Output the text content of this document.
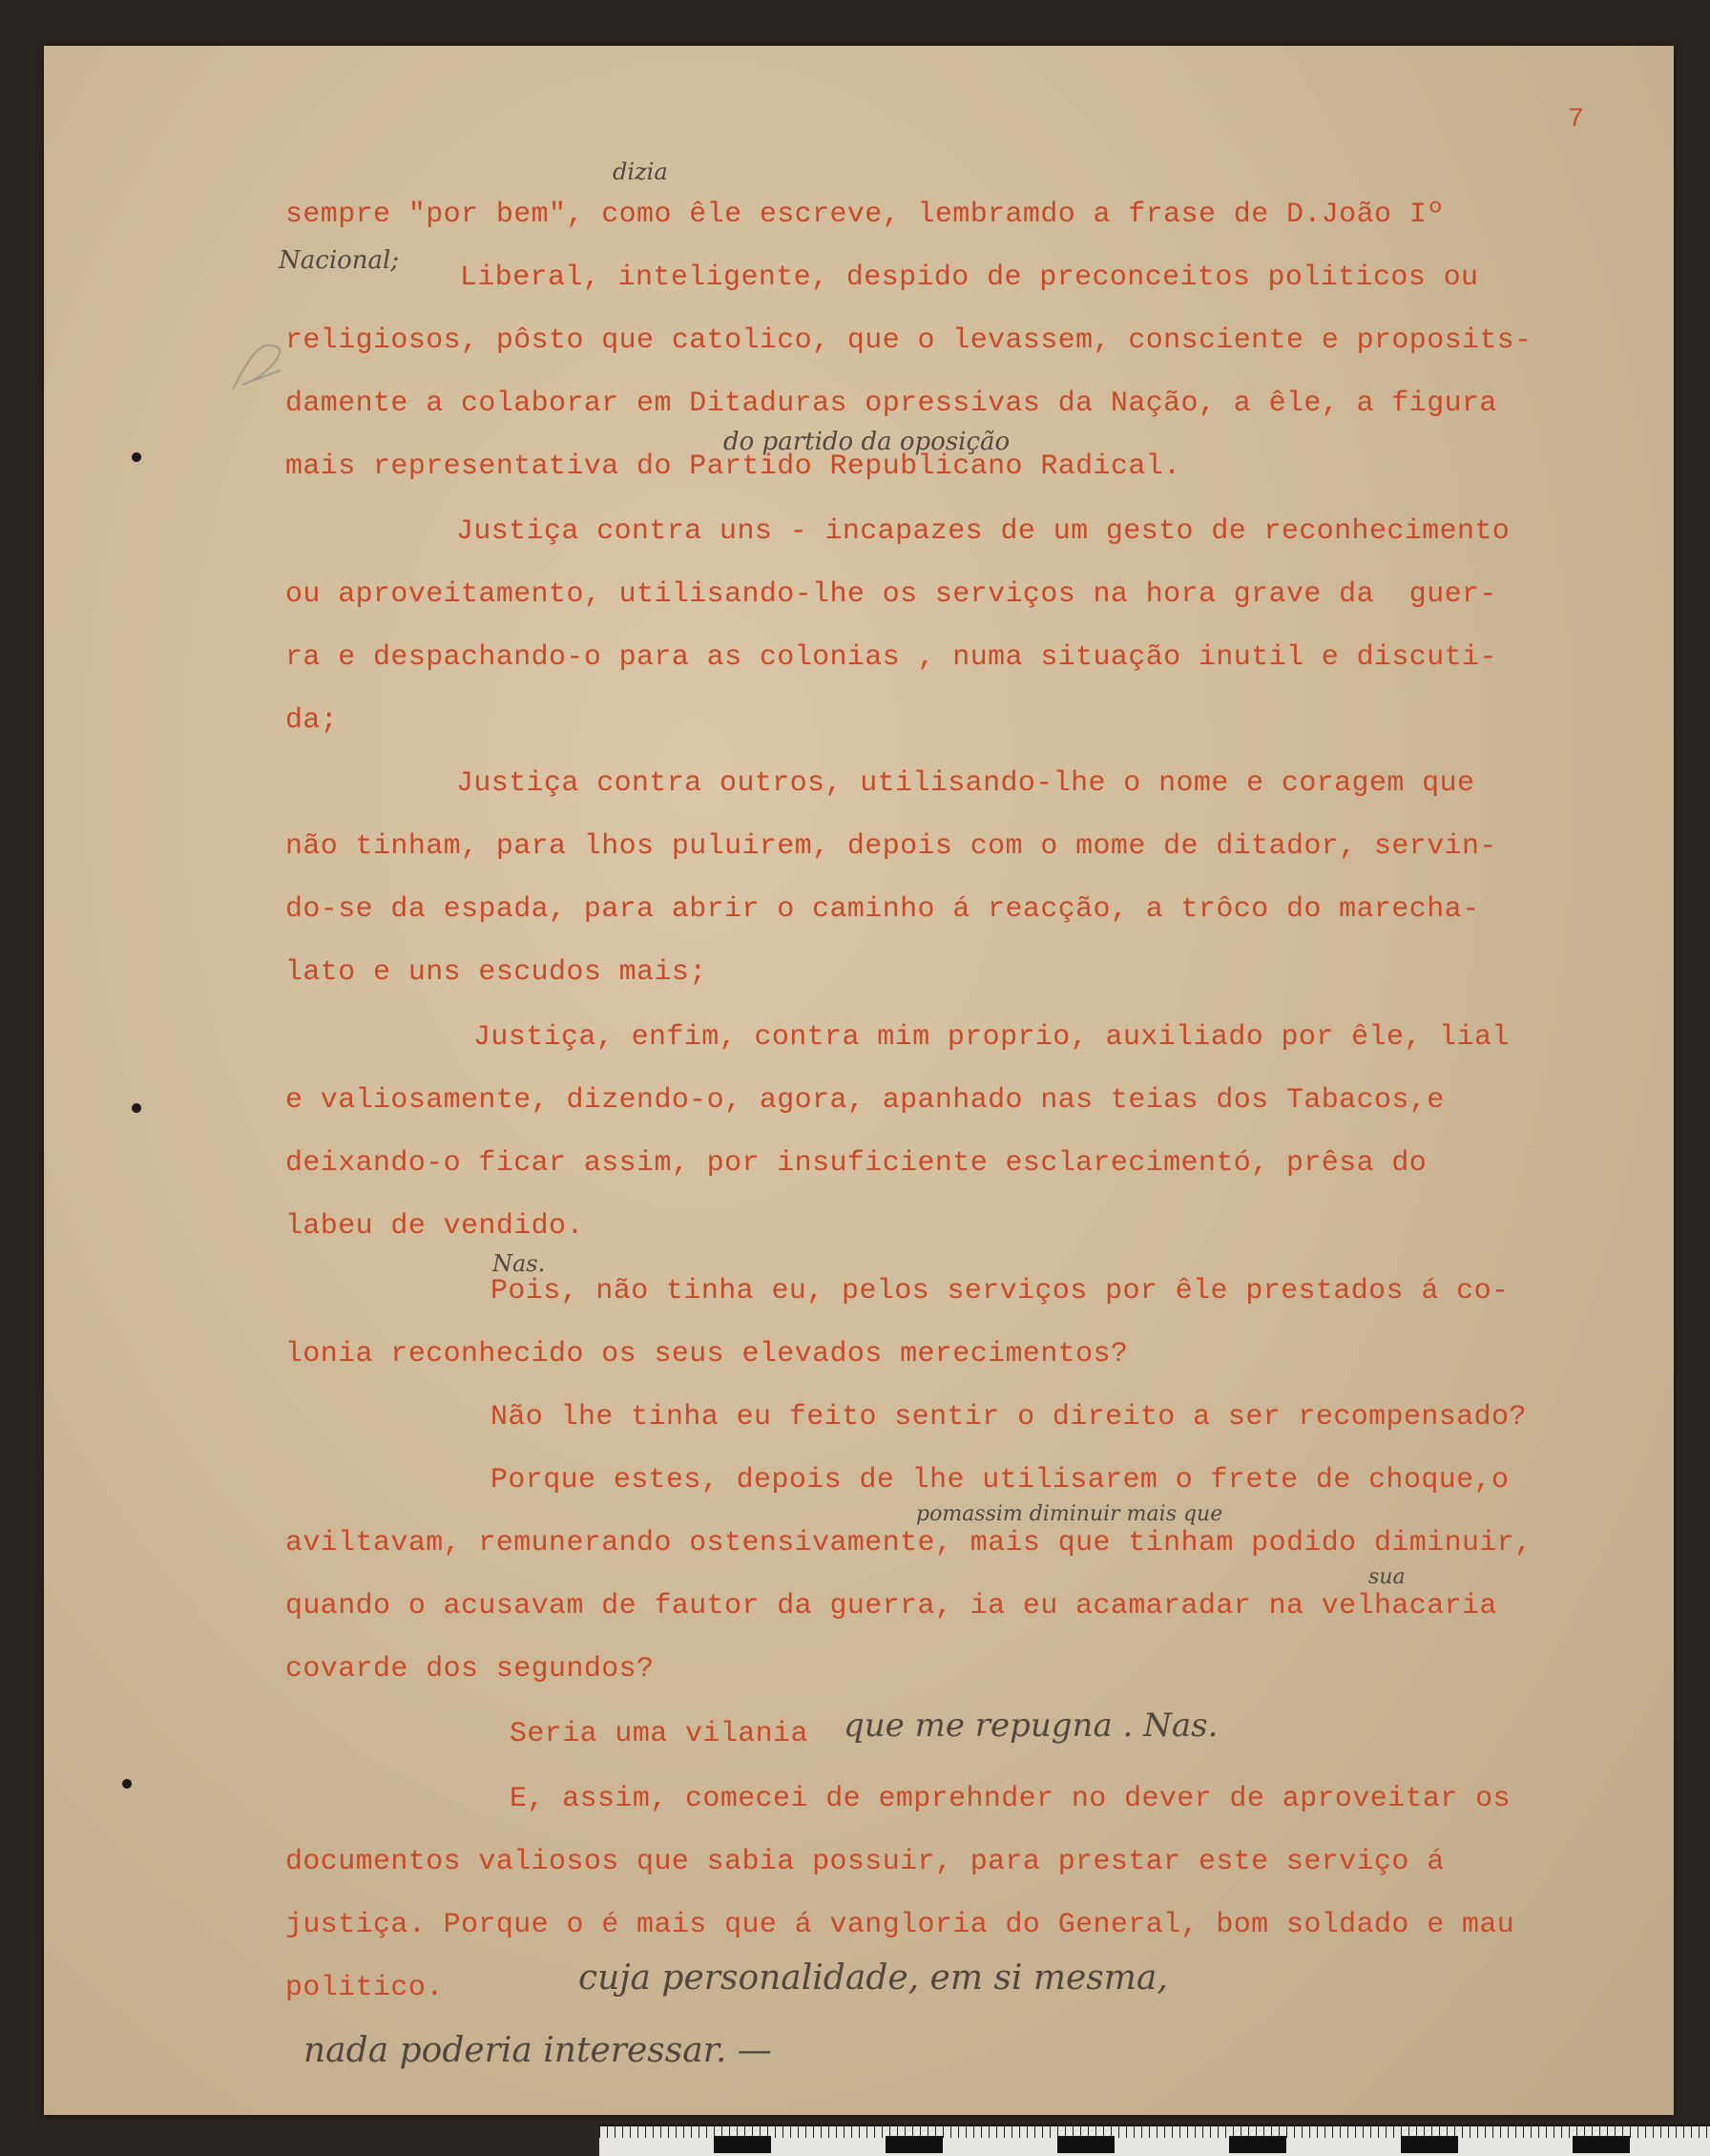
7
sempre "por bem", como êle escreve, lembramdo a frase de D.João Iº
Liberal, inteligente, despido de preconceitos politicos ou
religiosos, pôsto que catolico, que o levassem, consciente e proposits-
damente a colaborar em Ditaduras opressivas da Nação, a êle, a figura
mais representativa do Partido Republicano Radical.
Justiça contra uns - incapazes de um gesto de reconhecimento
ou aproveitamento, utilisando-lhe os serviços na hora grave da  guer-
ra e despachando-o para as colonias , numa situação inutil e discuti-
da;
Justiça contra outros, utilisando-lhe o nome e coragem que
não tinham, para lhos puluirem, depois com o mome de ditador, servin-
do-se da espada, para abrir o caminho á reacção, a trôco do marecha-
lato e uns escudos mais;
Justiça, enfim, contra mim proprio, auxiliado por êle, lial
e valiosamente, dizendo-o, agora, apanhado nas teias dos Tabacos,e
deixando-o ficar assim, por insuficiente esclarecimentó, prêsa do
labeu de vendido.
Pois, não tinha eu, pelos serviços por êle prestados á co-
lonia reconhecido os seus elevados merecimentos?
Não lhe tinha eu feito sentir o direito a ser recompensado?
Porque estes, depois de lhe utilisarem o frete de choque,o
aviltavam, remunerando ostensivamente, mais que tinham podido diminuir,
quando o acusavam de fautor da guerra, ia eu acamaradar na velhacaria
covarde dos segundos?
Seria uma vilania
E, assim, comecei de emprehnder no dever de aproveitar os
documentos valiosos que sabia possuir, para prestar este serviço á
justiça. Porque o é mais que á vangloria do General, bom soldado e mau
politico.
dizia
Nacional;
do partido da oposição
Nas.
pomassim diminuir mais que
sua
que me repugna . Nas.
cuja personalidade, em si mesma,
nada poderia interessar. —
